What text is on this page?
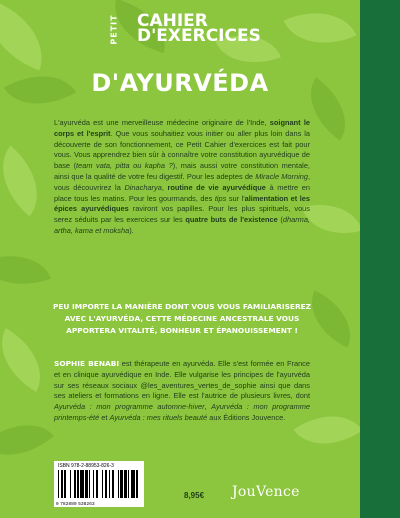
PETIT CAHIER
D'EXERCICES
D'AYURVÉDA
L'ayurvéda est une merveilleuse médecine originaire de l'Inde, soignant le corps et l'esprit. Que vous souhaitiez vous initier ou aller plus loin dans la découverte de son fonctionnement, ce Petit Cahier d'exercices est fait pour vous. Vous apprendrez bien sûr à connaître votre constitution ayurvédique de base (team vata, pitta ou kapha ?), mais aussi votre constitution mentale, ainsi que la qualité de votre feu digestif. Pour les adeptes de Miracle Morning, vous découvrirez la Dinacharya, routine de vie ayurvédique à mettre en place tous les matins. Pour les gourmands, des tips sur l'alimentation et les épices ayurvédiques raviront vos papilles. Pour les plus spirituels, vous serez séduits par les exercices sur les quatre buts de l'existence (dharma, artha, kama et moksha).
PEU IMPORTE LA MANIÈRE DONT VOUS VOUS FAMILIARISEREZ AVEC L'AYURVÉDA, CETTE MÉDECINE ANCESTRALE VOUS APPORTERA VITALITÉ, BONHEUR ET ÉPANOUISSEMENT !
SOPHIE BENABI est thérapeute en ayurvéda. Elle s'est formée en France et en clinique ayurvédique en Inde. Elle vulgarise les principes de l'ayurvéda sur ses réseaux sociaux @les_aventures_vertes_de_sophie ainsi que dans ses ateliers et formations en ligne. Elle est l'autrice de plusieurs livres, dont Ayurvéda : mon programme automne-hiver, Ayurvéda : mon programme printemps-été et Ayurvéda : mes rituels beauté aux Éditions Jouvence.
ISBN 978-2-88953-826-3
9 782889 538263
8,95€ JouVence
